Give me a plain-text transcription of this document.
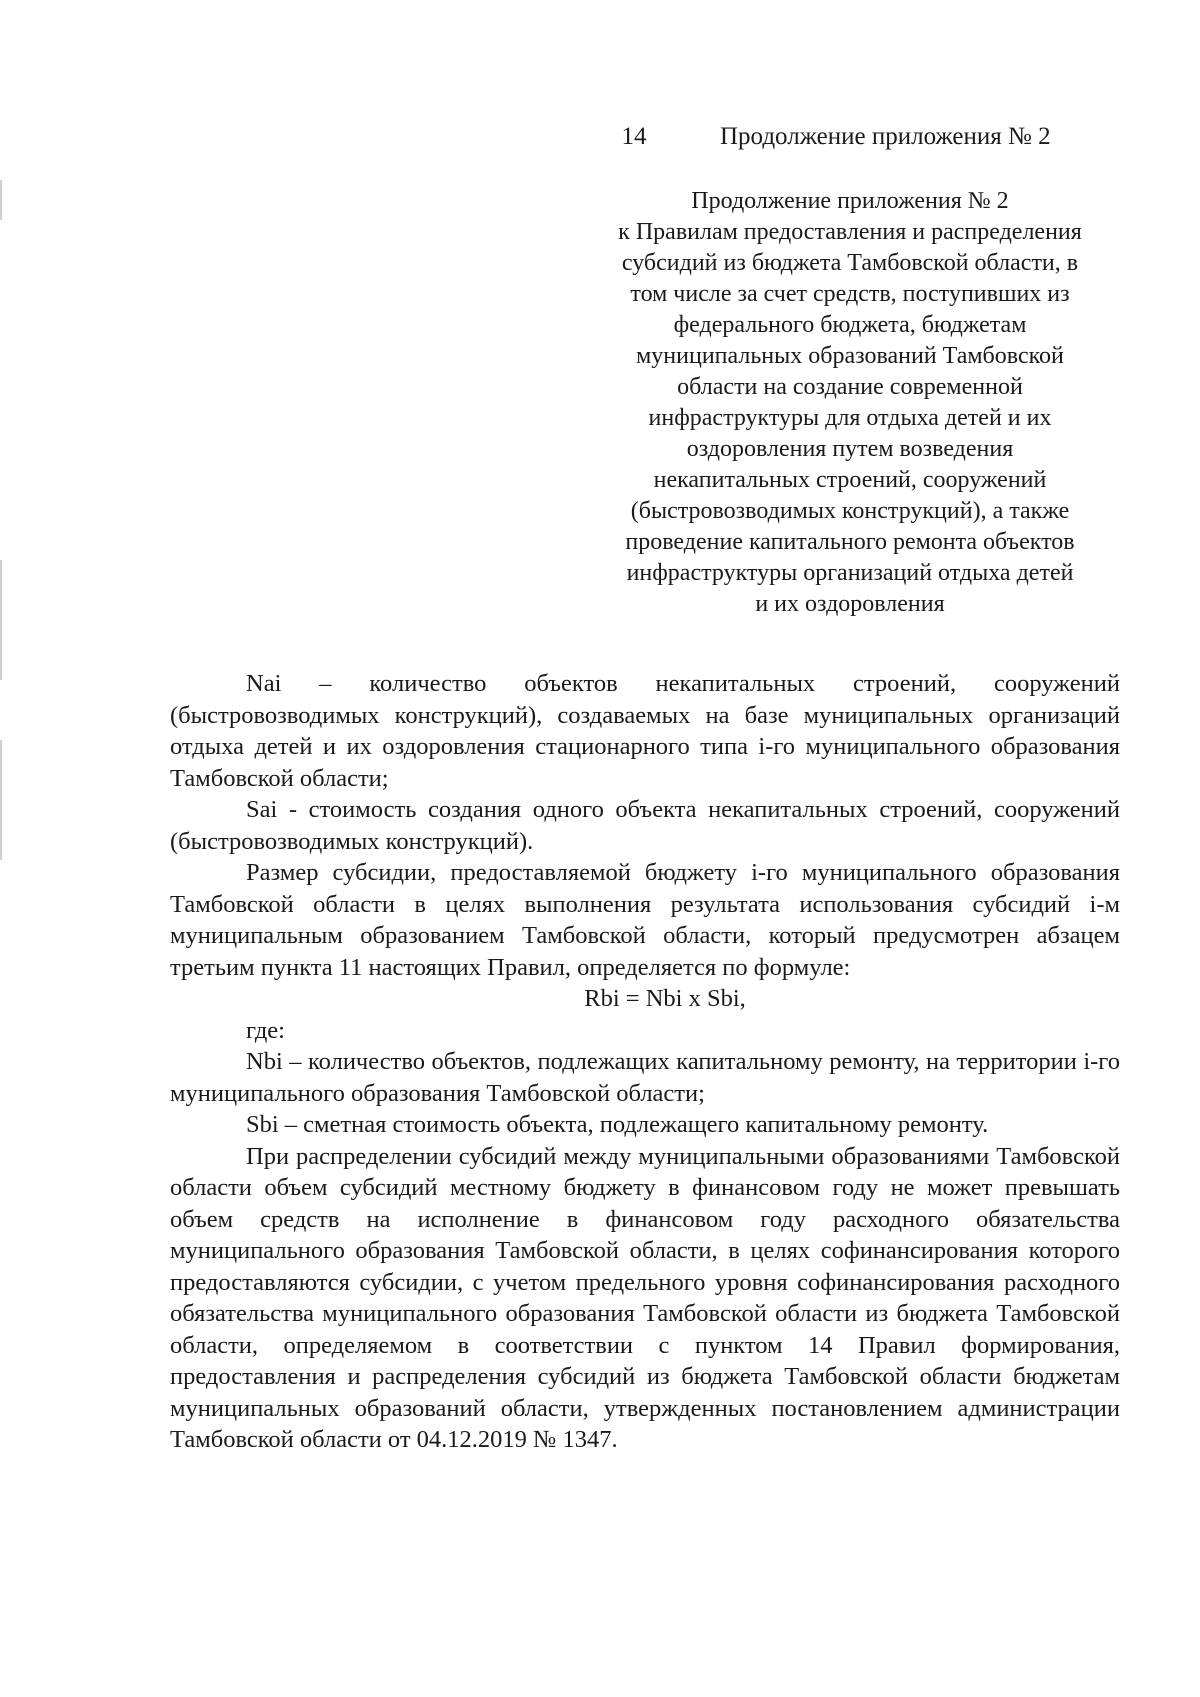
14	Продолжение приложения № 2
Продолжение приложения № 2
к Правилам предоставления и распределения
субсидий из бюджета Тамбовской области, в
том числе за счет средств, поступивших из
федерального бюджета, бюджетам
муниципальных образований Тамбовской
области на создание современной
инфраструктуры для отдыха детей и их
оздоровления путем возведения
некапитальных строений, сооружений
(быстровозводимых конструкций), а также
проведение капитального ремонта объектов
инфраструктуры организаций отдыха детей
и их оздоровления

Nai – количество объектов некапитальных строений, сооружений (быстровозводимых конструкций), создаваемых на базе муниципальных организаций отдыха детей и их оздоровления стационарного типа i-го муниципального образования Тамбовской области;

Sai - стоимость создания одного объекта некапитальных строений, сооружений (быстровозводимых конструкций).

Размер субсидии, предоставляемой бюджету i-го муниципального образования Тамбовской области в целях выполнения результата использования субсидий i-м муниципальным образованием Тамбовской области, который предусмотрен абзацем третьим пункта 11 настоящих Правил, определяется по формуле:

Rbi = Nbi x Sbi,

где:

Nbi – количество объектов, подлежащих капитальному ремонту, на территории i-го муниципального образования Тамбовской области;

Sbi – сметная стоимость объекта, подлежащего капитальному ремонту.

При распределении субсидий между муниципальными образованиями Тамбовской области объем субсидий местному бюджету в финансовом году не может превышать объем средств на исполнение в финансовом году расходного обязательства муниципального образования Тамбовской области, в целях софинансирования которого предоставляются субсидии, с учетом предельного уровня софинансирования расходного обязательства муниципального образования Тамбовской области из бюджета Тамбовской области, определяемом в соответствии с пунктом 14 Правил формирования, предоставления и распределения субсидий из бюджета Тамбовской области бюджетам муниципальных образований области, утвержденных постановлением администрации Тамбовской области от 04.12.2019 № 1347.
